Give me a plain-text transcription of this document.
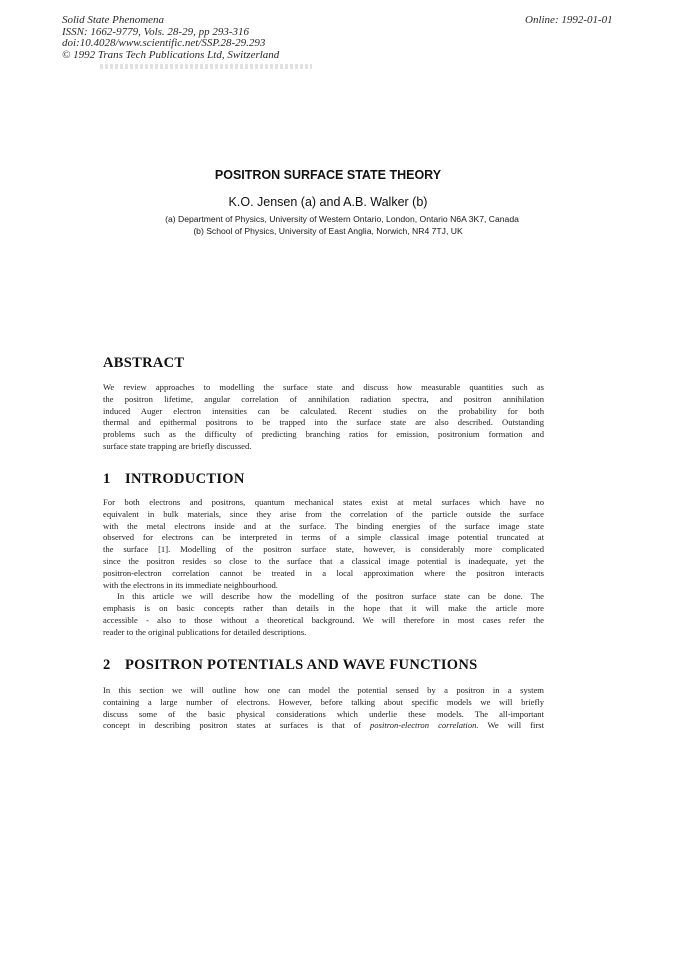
Solid State Phenomena
ISSN: 1662-9779, Vols. 28-29, pp 293-316
doi:10.4028/www.scientific.net/SSP.28-29.293
© 1992 Trans Tech Publications Ltd, Switzerland
Online: 1992-01-01
POSITRON SURFACE STATE THEORY
K.O. Jensen (a) and A.B. Walker (b)
(a) Department of Physics, University of Western Ontario, London, Ontario N6A 3K7, Canada
(b) School of Physics, University of East Anglia, Norwich, NR4 7TJ, UK
ABSTRACT
We review approaches to modelling the surface state and discuss how measurable quantities such as
the positron lifetime, angular correlation of annihilation radiation spectra, and positron annihilation
induced Auger electron intensities can be calculated. Recent studies on the probability for both
thermal and epithermal positrons to be trapped into the surface state are also described. Outstanding
problems such as the difficulty of predicting branching ratios for emission, positronium formation and
surface state trapping are briefly discussed.
1 INTRODUCTION
For both electrons and positrons, quantum mechanical states exist at metal surfaces which have no
equivalent in bulk materials, since they arise from the correlation of the particle outside the surface
with the metal electrons inside and at the surface. The binding energies of the surface image state
observed for electrons can be interpreted in terms of a simple classical image potential truncated at
the surface [1]. Modelling of the positron surface state, however, is considerably more complicated
since the positron resides so close to the surface that a classical image potential is inadequate, yet the
positron-electron correlation cannot be treated in a local approximation where the positron interacts
with the electrons in its immediate neighbourhood.
In this article we will describe how the modelling of the positron surface state can be done. The
emphasis is on basic concepts rather than details in the hope that it will make the article more
accessible - also to those without a theoretical background. We will therefore in most cases refer the
reader to the original publications for detailed descriptions.
2 POSITRON POTENTIALS AND WAVE FUNCTIONS
In this section we will outline how one can model the potential sensed by a positron in a system
containing a large number of electrons. However, before talking about specific models we will briefly
discuss some of the basic physical considerations which underlie these models. The all-important
concept in describing positron states at surfaces is that of positron-electron correlation. We will first
